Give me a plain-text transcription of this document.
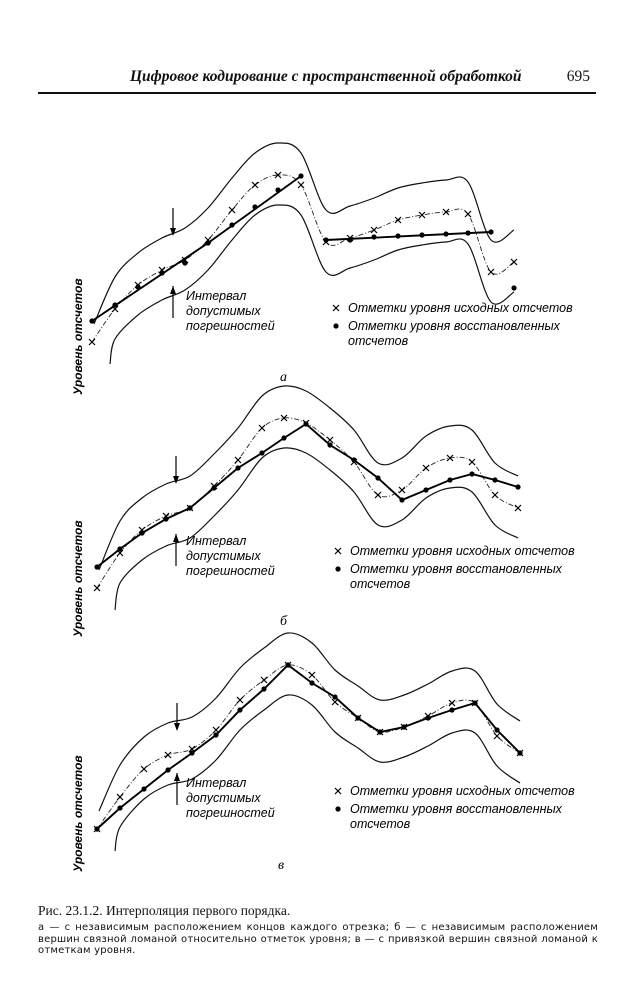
Цифровое кодирование с пространственной обработкой	695
Уровень отсчетов	Интервал
допустимых
погрешностей
Отметки уровня исходных отсчетов
Отметки уровня восстановленных
отсчетов
а
Уровень отсчетов	Интервал
допустимых
погрешностей
Отметки уровня исходных отсчетов
Отметки уровня восстановленных
отсчетов
б
Уровень отсчетов	Интервал
допустимых
погрешностей
Отметки уровня исходных отсчетов
Отметки уровня восстановленных
отсчетов
в
Рис. 23.1.2. Интерполяция первого порядка.
а — с независимым расположением концов каждого отрезка; б — с независимым расположением вершин связной ломаной относительно отметок уровня; в — с привязкой вершин связной ломаной к отметкам уровня.
